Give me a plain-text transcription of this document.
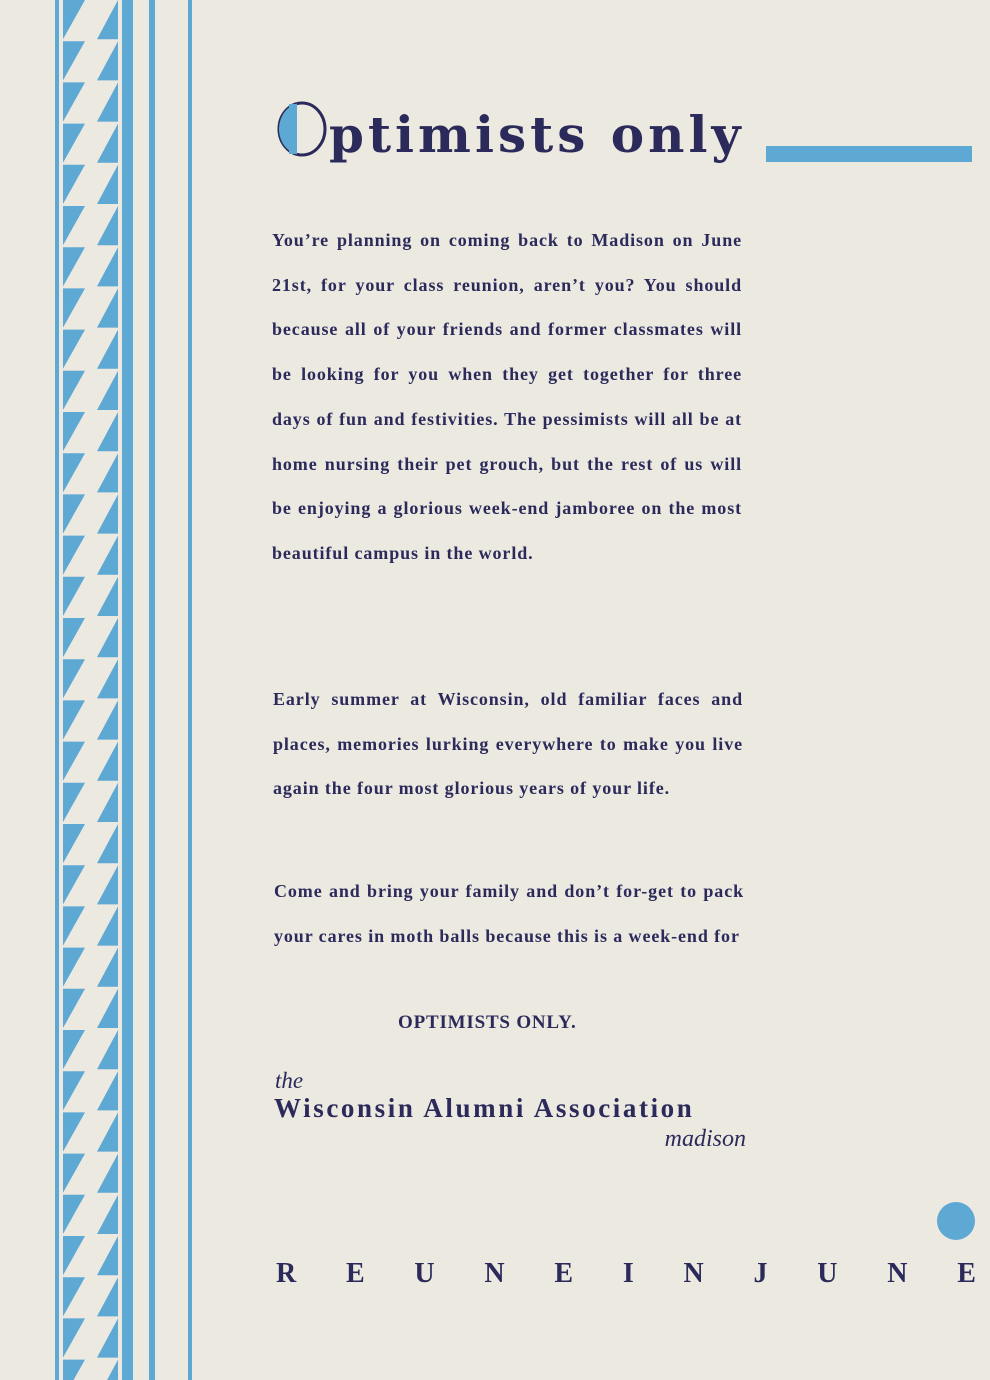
ptimists only

You’re planning on coming back to Madison on June 21st, for your class reunion, aren’t you? You should because all of your friends and former classmates will be looking for you when they get together for three days of fun and festivities. The pessimists will all be at home nursing their pet grouch, but the rest of us will be enjoying a glorious week-end jamboree on the most beautiful campus in the world.

Early summer at Wisconsin, old familiar faces and places, memories lurking everywhere to make you live again the four most glorious years of your life.

Come and bring your family and don’t for-get to pack your cares in moth balls because this is a week-end for

OPTIMISTS ONLY.
the
Wisconsin Alumni Association
madison
R E U N E I N J U N E
